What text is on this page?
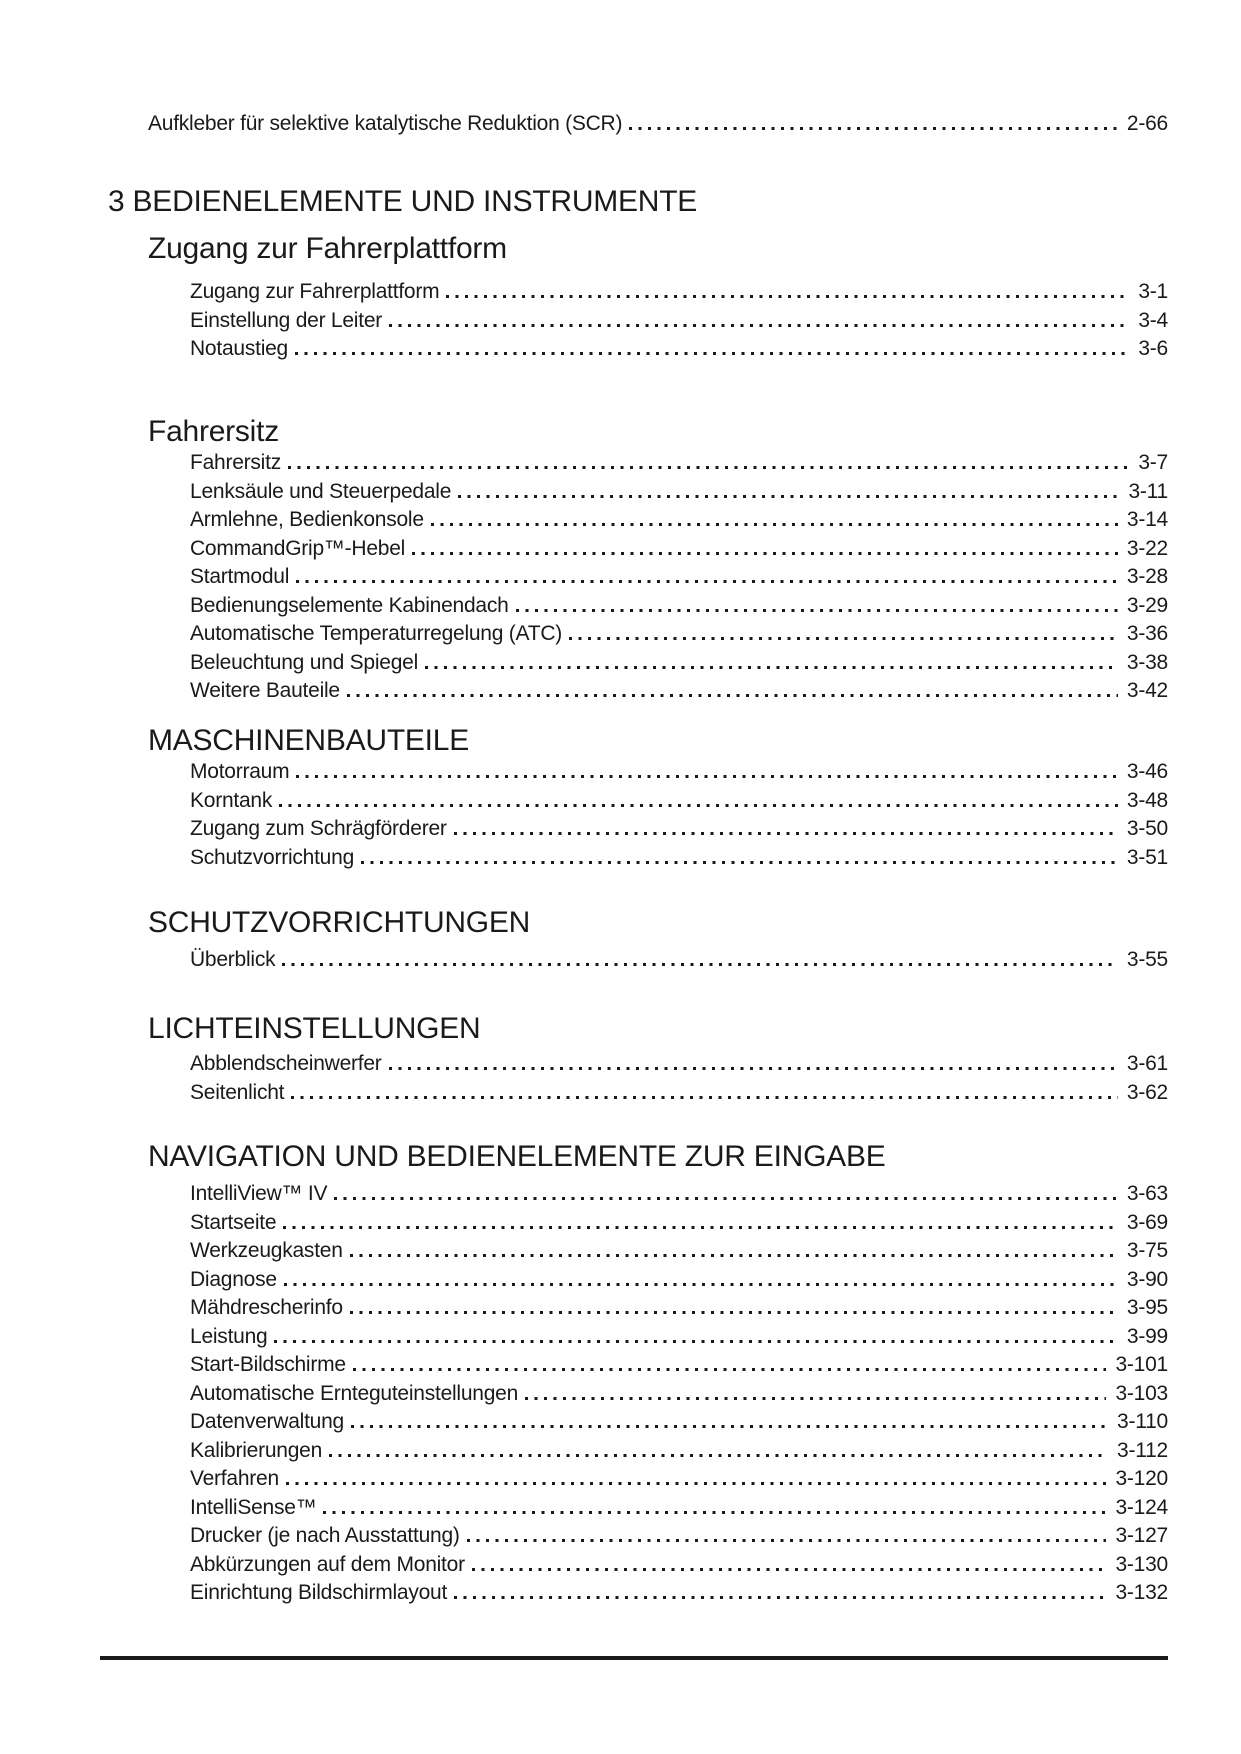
Aufkleber für selektive katalytische Reduktion (SCR)	2-66
3 BEDIENELEMENTE UND INSTRUMENTE
Zugang zur Fahrerplattform
Zugang zur Fahrerplattform	3-1
Einstellung der Leiter	3-4
Notaustieg	3-6
Fahrersitz
Fahrersitz	3-7
Lenksäule und Steuerpedale	3-11
Armlehne, Bedienkonsole	3-14
CommandGrip™-Hebel	3-22
Startmodul	3-28
Bedienungselemente Kabinendach	3-29
Automatische Temperaturregelung (ATC)	3-36
Beleuchtung und Spiegel	3-38
Weitere Bauteile	3-42
MASCHINENBAUTEILE
Motorraum	3-46
Korntank	3-48
Zugang zum Schrägförderer	3-50
Schutzvorrichtung	3-51
SCHUTZVORRICHTUNGEN
Überblick	3-55
LICHTEINSTELLUNGEN
Abblendscheinwerfer	3-61
Seitenlicht	3-62
NAVIGATION UND BEDIENELEMENTE ZUR EINGABE
IntelliView™ IV	3-63
Startseite	3-69
Werkzeugkasten	3-75
Diagnose	3-90
Mähdrescherinfo	3-95
Leistung	3-99
Start-Bildschirme	3-101
Automatische Ernteguteinstellungen	3-103
Datenverwaltung	3-110
Kalibrierungen	3-112
Verfahren	3-120
IntelliSense™	3-124
Drucker (je nach Ausstattung)	3-127
Abkürzungen auf dem Monitor	3-130
Einrichtung Bildschirmlayout	3-132
